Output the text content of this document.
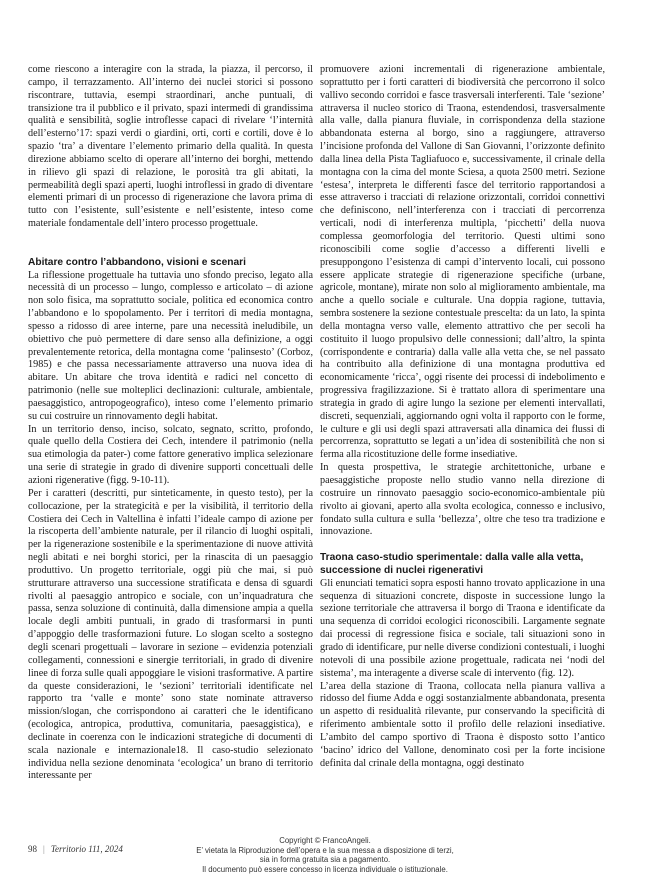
come riescono a interagire con la strada, la piazza, il percorso, il campo, il terrazzamento. All’interno dei nuclei storici si possono riscontrare, tuttavia, esempi straordinari, anche puntuali, di transizione tra il pubblico e il privato, spazi intermedi di grandissima qualità e sensibilità, soglie introflesse capaci di rivelare ‘l’internità dell’esterno’17: spazi verdi o giardini, orti, corti e cortili, dove è lo spazio ‘tra’ a diventare l’elemento primario della qualità. In questa direzione abbiamo scelto di operare all’interno dei borghi, mettendo in rilievo gli spazi di relazione, le porosità tra gli abitati, la permeabilità degli spazi aperti, luoghi introflessi in grado di diventare elementi primari di un processo di rigenerazione che lavora prima di tutto con l’esistente, sull’esistente e nell’esistente, inteso come materiale fondamentale dell’intero processo progettuale.

Abitare contro l’abbandono, visioni e scenari

La riflessione progettuale ha tuttavia uno sfondo preciso, legato alla necessità di un processo – lungo, complesso e articolato – di azione non solo fisica, ma soprattutto sociale, politica ed economica contro l’abbandono e lo spopolamento. Per i territori di media montagna, spesso a ridosso di aree interne, pare una necessità ineludibile, un obiettivo che può permettere di dare senso alla definizione, a oggi prevalentemente retorica, della montagna come ‘palinsesto’ (Corboz, 1985) e che passa necessariamente attraverso una nuova idea di abitare. Un abitare che trova identità e radici nel concetto di patrimonio (nelle sue molteplici declinazioni: culturale, ambientale, paesaggistico, antropogeografico), inteso come l’elemento primario su cui costruire un rinnovamento degli habitat.

In un territorio denso, inciso, solcato, segnato, scritto, profondo, quale quello della Costiera dei Cech, intendere il patrimonio (nella sua etimologia da pater-) come fattore generativo implica selezionare una serie di strategie in grado di divenire supporti concettuali delle azioni rigenerative (figg. 9-10-11).

Per i caratteri (descritti, pur sinteticamente, in questo testo), per la collocazione, per la strategicità e per la visibilità, il territorio della Costiera dei Cech in Valtellina è infatti l’ideale campo di azione per la riscoperta dell’ambiente naturale, per il rilancio di luoghi ospitali, per la rigenerazione sostenibile e la sperimentazione di nuove attività negli abitati e nei borghi storici, per la rinascita di un paesaggio produttivo. Un progetto territoriale, oggi più che mai, si può strutturare attraverso una successione stratificata e densa di sguardi rivolti al paesaggio antropico e sociale, con un’inquadratura che passa, senza soluzione di continuità, dalla dimensione ampia a quella locale degli ambiti puntuali, in grado di trasformarsi in punti d’appoggio delle trasformazioni future. Lo slogan scelto a sostegno degli scenari progettuali – lavorare in sezione – evidenzia potenziali collegamenti, connessioni e sinergie territoriali, in grado di divenire linee di forza sulle quali appoggiare le visioni trasformative. A partire da queste considerazioni, le ‘sezioni’ territoriali identificate nel rapporto tra ‘valle e monte’ sono state nominate attraverso mission/slogan, che corrispondono ai caratteri che le identificano (ecologica, antropica, produttiva, comunitaria, paesaggistica), e declinate in coerenza con le indicazioni strategiche di documenti di scala nazionale e internazionale18. Il caso-studio selezionato individua nella sezione denominata ‘ecologica’ un brano di territorio interessante per

promuovere azioni incrementali di rigenerazione ambientale, soprattutto per i forti caratteri di biodiversità che percorrono il solco vallivo secondo corridoi e fasce trasversali interferenti. Tale ‘sezione’ attraversa il nucleo storico di Traona, estendendosi, trasversalmente alla valle, dalla pianura fluviale, in corrispondenza della stazione abbandonata esterna al borgo, sino a raggiungere, attraverso l’incisione profonda del Vallone di San Giovanni, l’orizzonte definito dalla linea della Pista Tagliafuoco e, successivamente, il crinale della montagna con la cima del monte Sciesa, a quota 2500 metri. Sezione ‘estesa’, interpreta le differenti fasce del territorio rapportandosi a esse attraverso i tracciati di relazione orizzontali, corridoi connettivi che definiscono, nell’interferenza con i tracciati di percorrenza verticali, nodi di interferenza multipla, ‘picchetti’ della nuova complessa geomorfologia del territorio. Questi ultimi sono riconoscibili come soglie d’accesso a differenti livelli e presuppongono l’esistenza di campi d’intervento locali, cui possono essere applicate strategie di rigenerazione specifiche (urbane, agricole, montane), mirate non solo al miglioramento ambientale, ma anche a quello sociale e culturale. Una doppia ragione, tuttavia, sembra sostenere la sezione contestuale prescelta: da un lato, la spinta della montagna verso valle, elemento attrattivo che per secoli ha costituito il luogo propulsivo delle connessioni; dall’altro, la spinta (corrispondente e contraria) dalla valle alla vetta che, se nel passato ha contribuito alla definizione di una montagna produttiva ed economicamente ‘ricca’, oggi risente dei processi di indebolimento e progressiva fragilizzazione. Si è trattato allora di sperimentare una strategia in grado di agire lungo la sezione per elementi intervallati, discreti, sequenziali, aggiornando ogni volta il rapporto con le forme, le culture e gli usi degli spazi attraversati alla dinamica dei flussi di percorrenza, soprattutto se legati a un’idea di sostenibilità che non si ferma alla ricostituzione delle forme insediative.

In questa prospettiva, le strategie architettoniche, urbane e paesaggistiche proposte nello studio vanno nella direzione di costruire un rinnovato paesaggio socio-economico-ambientale più rivolto ai giovani, aperto alla svolta ecologica, connesso e inclusivo, fondato sulla cultura e sulla ‘bellezza’, oltre che teso tra tradizione e innovazione.

Traona caso-studio sperimentale: dalla valle alla vetta, successione di nuclei rigenerativi

Gli enunciati tematici sopra esposti hanno trovato applicazione in una sequenza di situazioni concrete, disposte in successione lungo la sezione territoriale che attraversa il borgo di Traona e identificate da una sequenza di corridoi ecologici riconoscibili. Largamente segnate dai processi di regressione fisica e sociale, tali situazioni sono in grado di identificare, pur nelle diverse condizioni contestuali, i luoghi notevoli di una possibile azione progettuale, radicata nei ‘nodi del sistema’, ma interagente a diverse scale di intervento (fig. 12).

L’area della stazione di Traona, collocata nella pianura valliva a ridosso del fiume Adda e oggi sostanzialmente abbandonata, presenta un aspetto di residualità rilevante, pur conservando la specificità di riferimento ambientale sotto il profilo delle relazioni insediative. L’ambito del campo sportivo di Traona è disposto sotto l’antico ‘bacino’ idrico del Vallone, denominato così per la forte incisione definita dal crinale della montagna, oggi destinato

98 | Territorio 111, 2024
Copyright © FrancoAngeli.
E’ vietata la Riproduzione dell’opera e la sua messa a disposizione di terzi,
sia in forma gratuita sia a pagamento.
Il documento può essere concesso in licenza individuale o istituzionale.
